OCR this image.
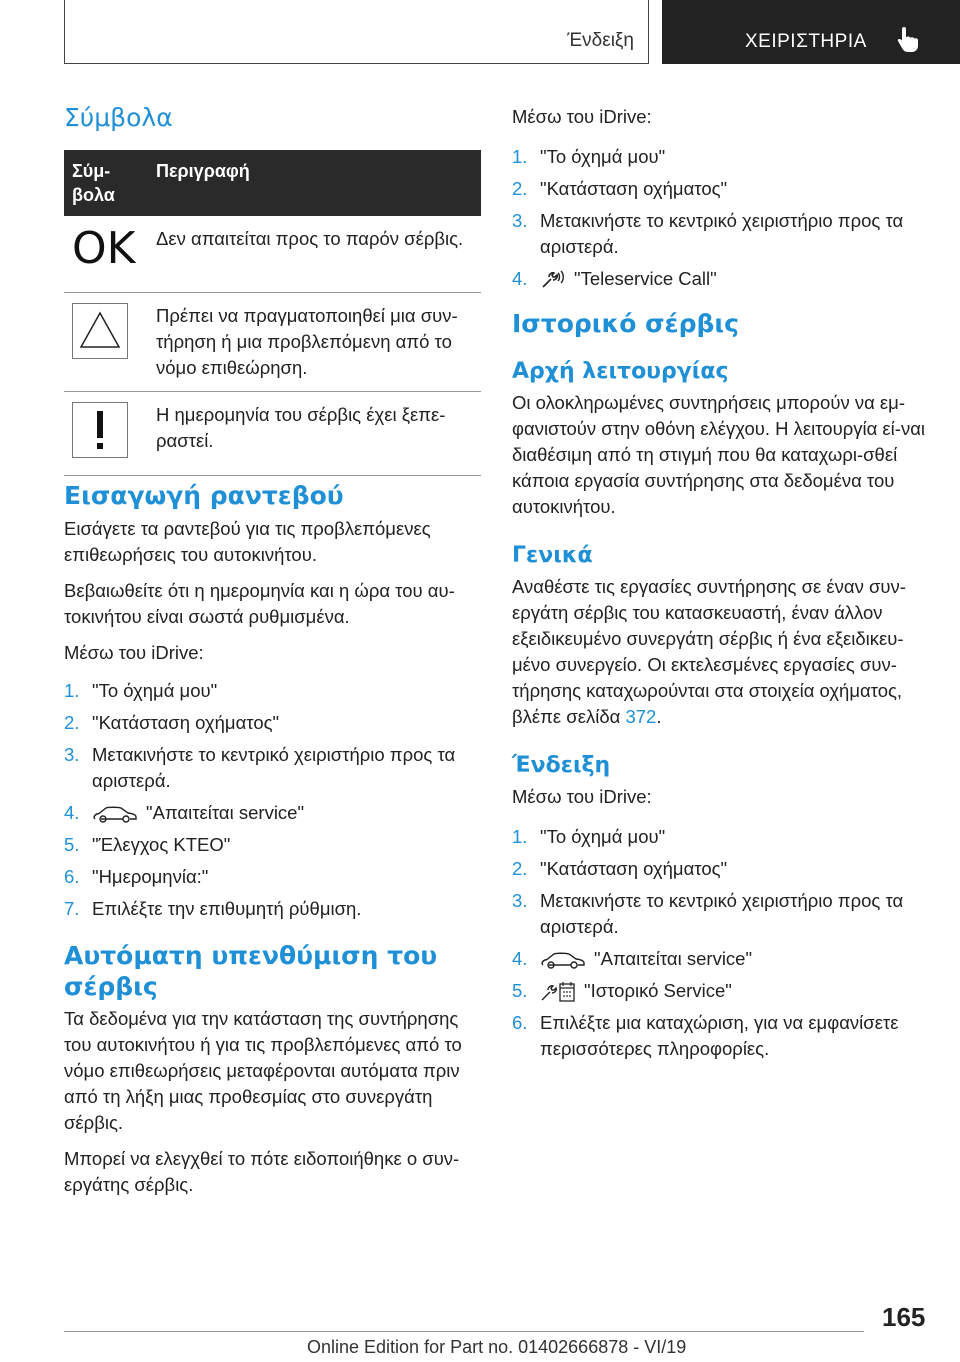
Ένδειξη	ΧΕΙΡΙΣΤΗΡΙΑ
Σύμβολα
Σύμ-
βολα	Περιγραφή
OK	Δεν απαιτείται προς το παρόν σέρβις.
	Πρέπει να πραγματοποιηθεί μια συν-τήρηση ή μια προβλεπόμενη από το νόμο επιθεώρηση.
	Η ημερομηνία του σέρβις έχει ξεπε-ραστεί.
Εισαγωγή ραντεβού

Εισάγετε τα ραντεβού για τις προβλεπόμενες επιθεωρήσεις του αυτοκινήτου.

Βεβαιωθείτε ότι η ημερομηνία και η ώρα του αυ-τοκινήτου είναι σωστά ρυθμισμένα.

Μέσω του iDrive:

1. "Το όχημά μου"
2. "Κατάσταση οχήματος"
3. Μετακινήστε το κεντρικό χειριστήριο προς τα αριστερά.
4.	"Απαιτείται service"
5. "Έλεγχος ΚΤΕΟ"
6. "Ημερομηνία:"
7. Επιλέξτε την επιθυμητή ρύθμιση.
Αυτόματη υπενθύμιση του
σέρβις

Τα δεδομένα για την κατάσταση της συντήρησης του αυτοκινήτου ή για τις προβλεπόμενες από το νόμο επιθεωρήσεις μεταφέρονται αυτόματα πριν από τη λήξη μιας προθεσμίας στο συνεργάτη σέρβις.

Μπορεί να ελεγχθεί το πότε ειδοποιήθηκε ο συν-εργάτης σέρβις.

Μέσω του iDrive:

1. "Το όχημά μου"
2. "Κατάσταση οχήματος"
3. Μετακινήστε το κεντρικό χειριστήριο προς τα αριστερά.
4.	"Teleservice Call"
Ιστορικό σέρβις
Αρχή λειτουργίας

Οι ολοκληρωμένες συντηρήσεις μπορούν να εμ-φανιστούν στην οθόνη ελέγχου. Η λειτουργία εί-ναι διαθέσιμη από τη στιγμή που θα καταχωρι-σθεί κάποια εργασία συντήρησης στα δεδομένα του αυτοκινήτου.

Γενικά

Αναθέστε τις εργασίες συντήρησης σε έναν συν-εργάτη σέρβις του κατασκευαστή, έναν άλλον εξειδικευμένο συνεργάτη σέρβις ή ένα εξειδικευ-μένο συνεργείο. Οι εκτελεσμένες εργασίες συν-τήρησης καταχωρούνται στα στοιχεία οχήματος, βλέπε σελίδα 372.

Ένδειξη

Μέσω του iDrive:

1. "Το όχημά μου"
2. "Κατάσταση οχήματος"
3. Μετακινήστε το κεντρικό χειριστήριο προς τα αριστερά.
4.	"Απαιτείται service"
5.	"Ιστορικό Service"
6. Επιλέξτε μια καταχώριση, για να εμφανίσετε περισσότερες πληροφορίες.
165
Online Edition for Part no. 01402666878 - VI/19
